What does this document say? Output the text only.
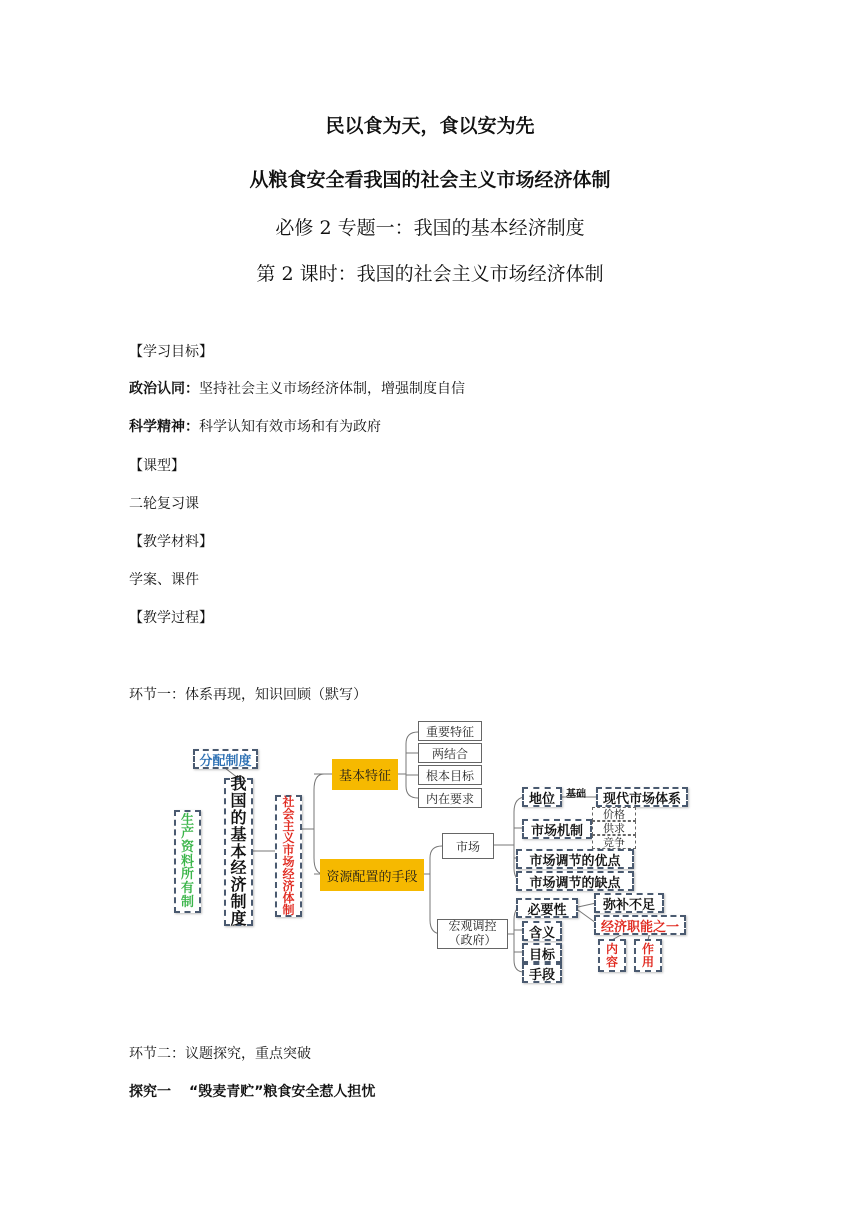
民以食为天，食以安为先
从粮食安全看我国的社会主义市场经济体制
必修 2 专题一：我国的基本经济制度
第 2 课时：我国的社会主义市场经济体制
【学习目标】
政治认同：坚持社会主义市场经济体制，增强制度自信
科学精神：科学认知有效市场和有为政府
【课型】
二轮复习课
【教学材料】
学案、课件
【教学过程】
环节一：体系再现，知识回顾（默写）
生
产
资
料
所
有
制
分配制度
我
国
的
基
本
经
济
制
度
社
会
主
义
市
场
经
济
体
制
基本特征
重要特征
两结合
根本目标
内在要求
资源配置的手段
市场
宏观调控
（政府）
地位	基础	现代市场体系
市场机制
价格
供求
竞争
市场调节的优点
市场调节的缺点
必要性	弥补不足
经济职能之一
含义
目标
手段
内
容
作
用
环节二：议题探究，重点突破
探究一 “毁麦青贮”粮食安全惹人担忧
